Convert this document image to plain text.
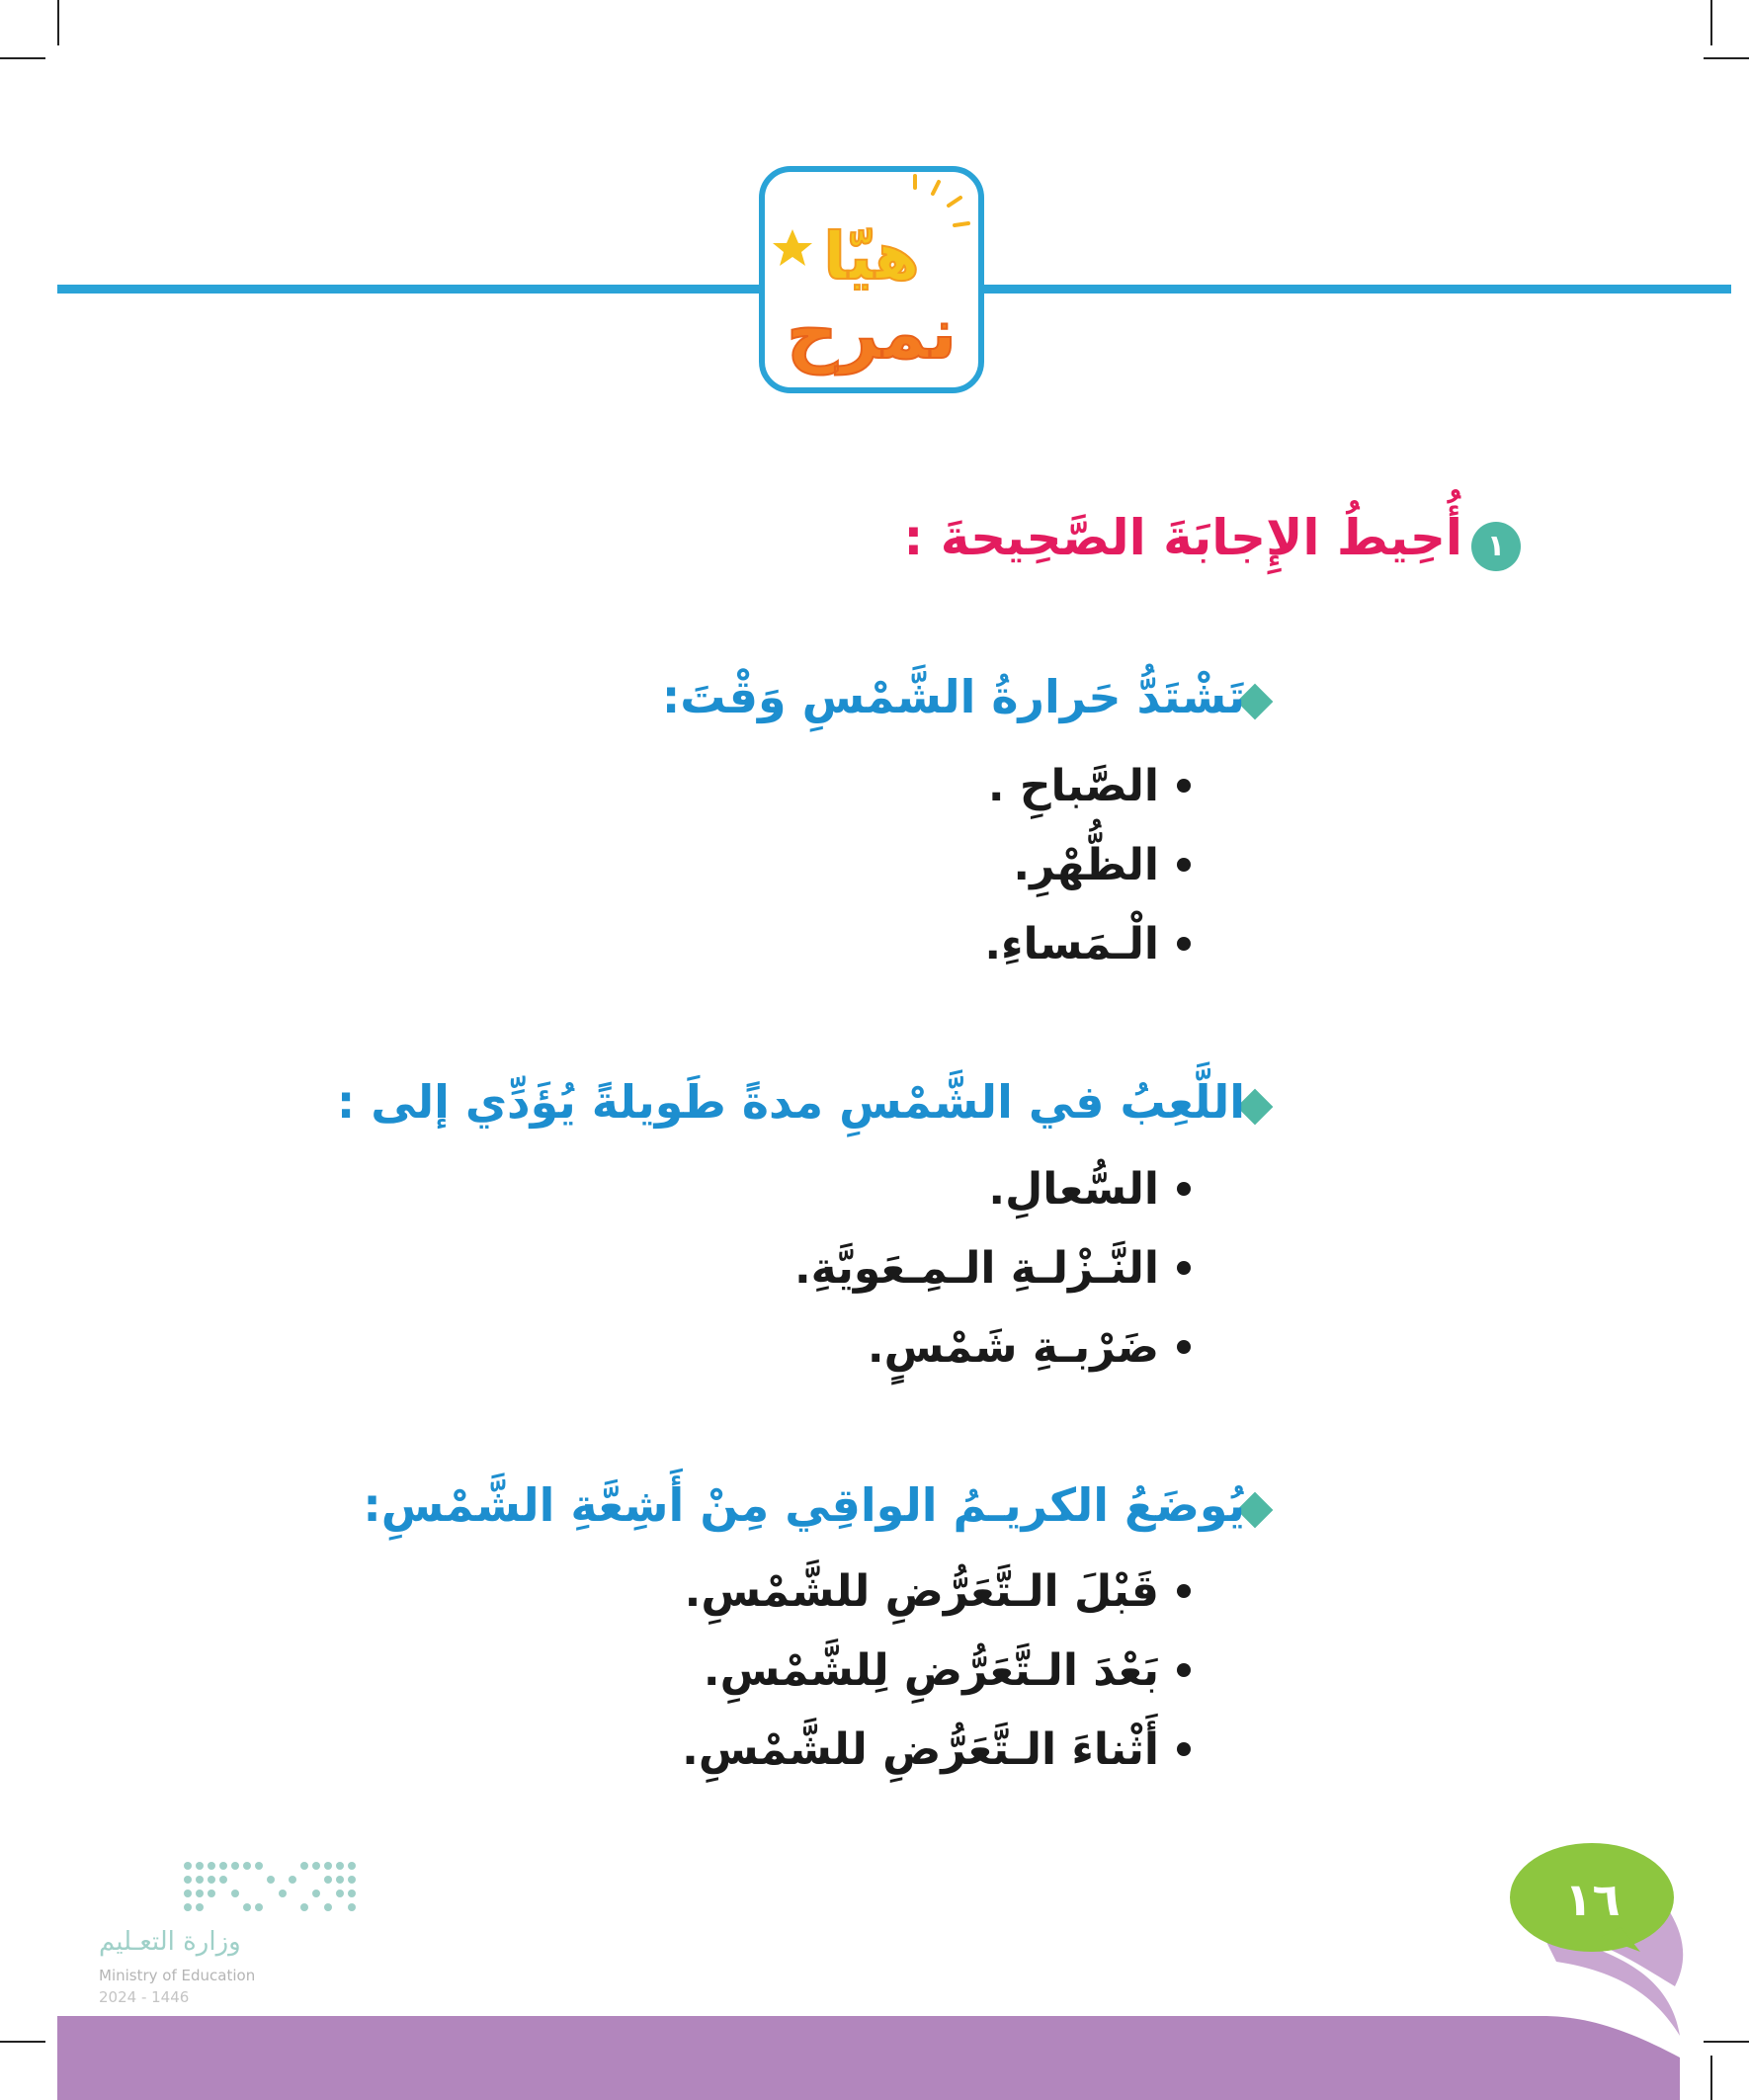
هيّا
نمرح
١
أُحِيطُ الإِجابَةَ الصَّحِيحةَ :
تَشْتَدُّ حَرارةُ الشَّمْسِ وَقْتَ:
الصَّباحِ .
الظُّهْرِ.
الْـمَساءِ.
اللَّعِبُ في الشَّمْسِ مدةً طَويلةً يُؤَدِّي إلى :
السُّعالِ.
النَّـزْلـةِ الـمِـعَويَّةِ.
ضَرْبـةِ شَمْسٍ.
يُوضَعُ الكريـمُ الواقِي مِنْ أَشِعَّةِ الشَّمْسِ:
قَبْلَ الـتَّعَرُّضِ للشَّمْسِ.
بَعْدَ الـتَّعَرُّضِ لِلشَّمْسِ.
أَثْناءَ الـتَّعَرُّضِ للشَّمْسِ.
١٦
وزارة التعـليم
Ministry of Education
2024 - 1446
